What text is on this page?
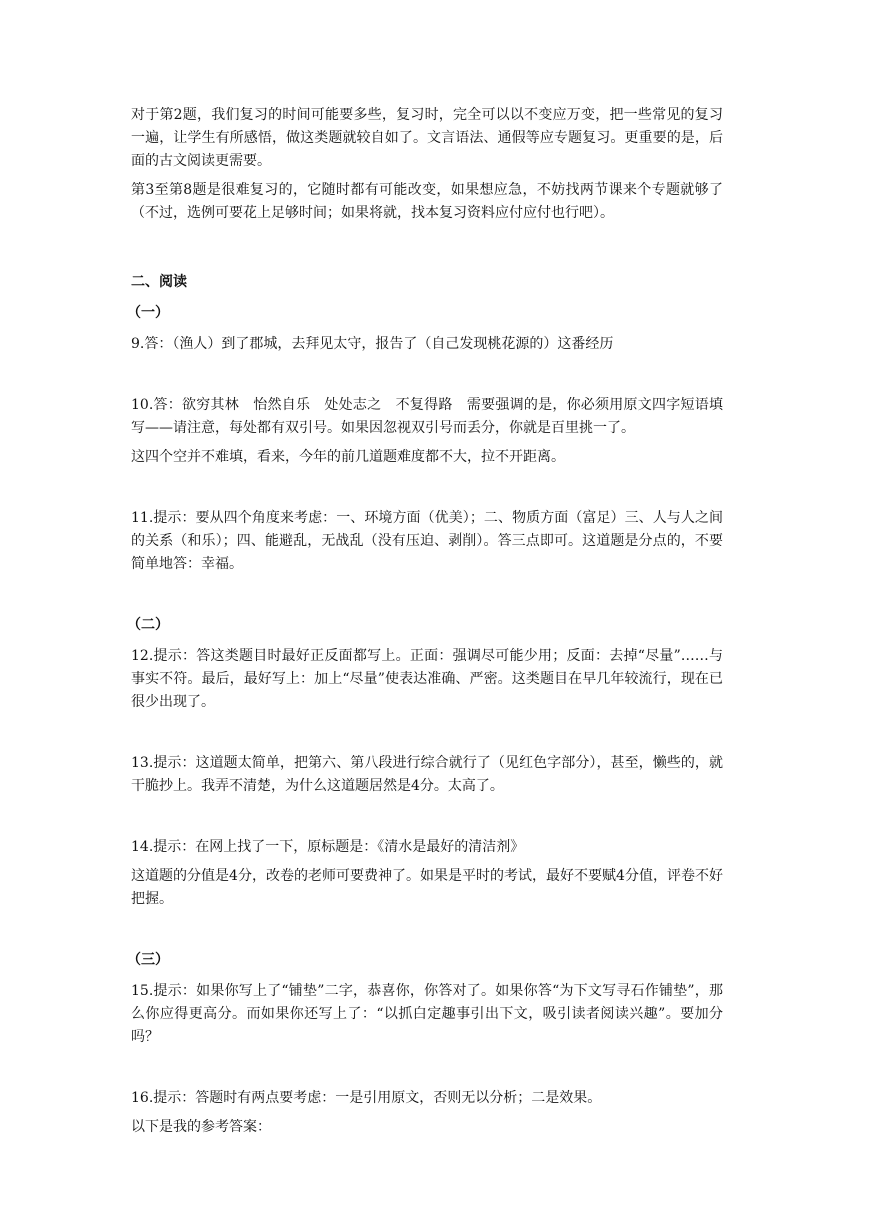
对于第2题，我们复习的时间可能要多些，复习时，完全可以以不变应万变，把一些常见的复习一遍，让学生有所感悟，做这类题就较自如了。文言语法、通假等应专题复习。更重要的是，后面的古文阅读更需要。

第3至第8题是很难复习的，它随时都有可能改变，如果想应急，不妨找两节课来个专题就够了（不过，选例可要花上足够时间；如果将就，找本复习资料应付应付也行吧）。

二、阅读

（一）

9.答：（渔人）到了郡城，去拜见太守，报告了（自己发现桃花源的）这番经历

10.答：欲穷其林　怡然自乐　处处志之　不复得路　需要强调的是，你必须用原文四字短语填写——请注意，每处都有双引号。如果因忽视双引号而丢分，你就是百里挑一了。

这四个空并不难填，看来，今年的前几道题难度都不大，拉不开距离。

11.提示：要从四个角度来考虑：一、环境方面（优美）；二、物质方面（富足）三、人与人之间的关系（和乐）；四、能避乱，无战乱（没有压迫、剥削）。答三点即可。这道题是分点的，不要简单地答：幸福。

（二）

12.提示：答这类题目时最好正反面都写上。正面：强调尽可能少用；反面：去掉“尽量”……与事实不符。最后，最好写上：加上“尽量”使表达准确、严密。这类题目在早几年较流行，现在已很少出现了。

13.提示：这道题太简单，把第六、第八段进行综合就行了（见红色字部分），甚至，懒些的，就干脆抄上。我弄不清楚，为什么这道题居然是4分。太高了。

14.提示：在网上找了一下，原标题是：《清水是最好的清洁剂》

这道题的分值是4分，改卷的老师可要费神了。如果是平时的考试，最好不要赋4分值，评卷不好把握。

（三）

15.提示：如果你写上了“铺垫”二字，恭喜你，你答对了。如果你答“为下文写寻石作铺垫”，那么你应得更高分。而如果你还写上了：“以抓白定趣事引出下文，吸引读者阅读兴趣”。要加分吗？

16.提示：答题时有两点要考虑：一是引用原文，否则无以分析；二是效果。

以下是我的参考答案：
